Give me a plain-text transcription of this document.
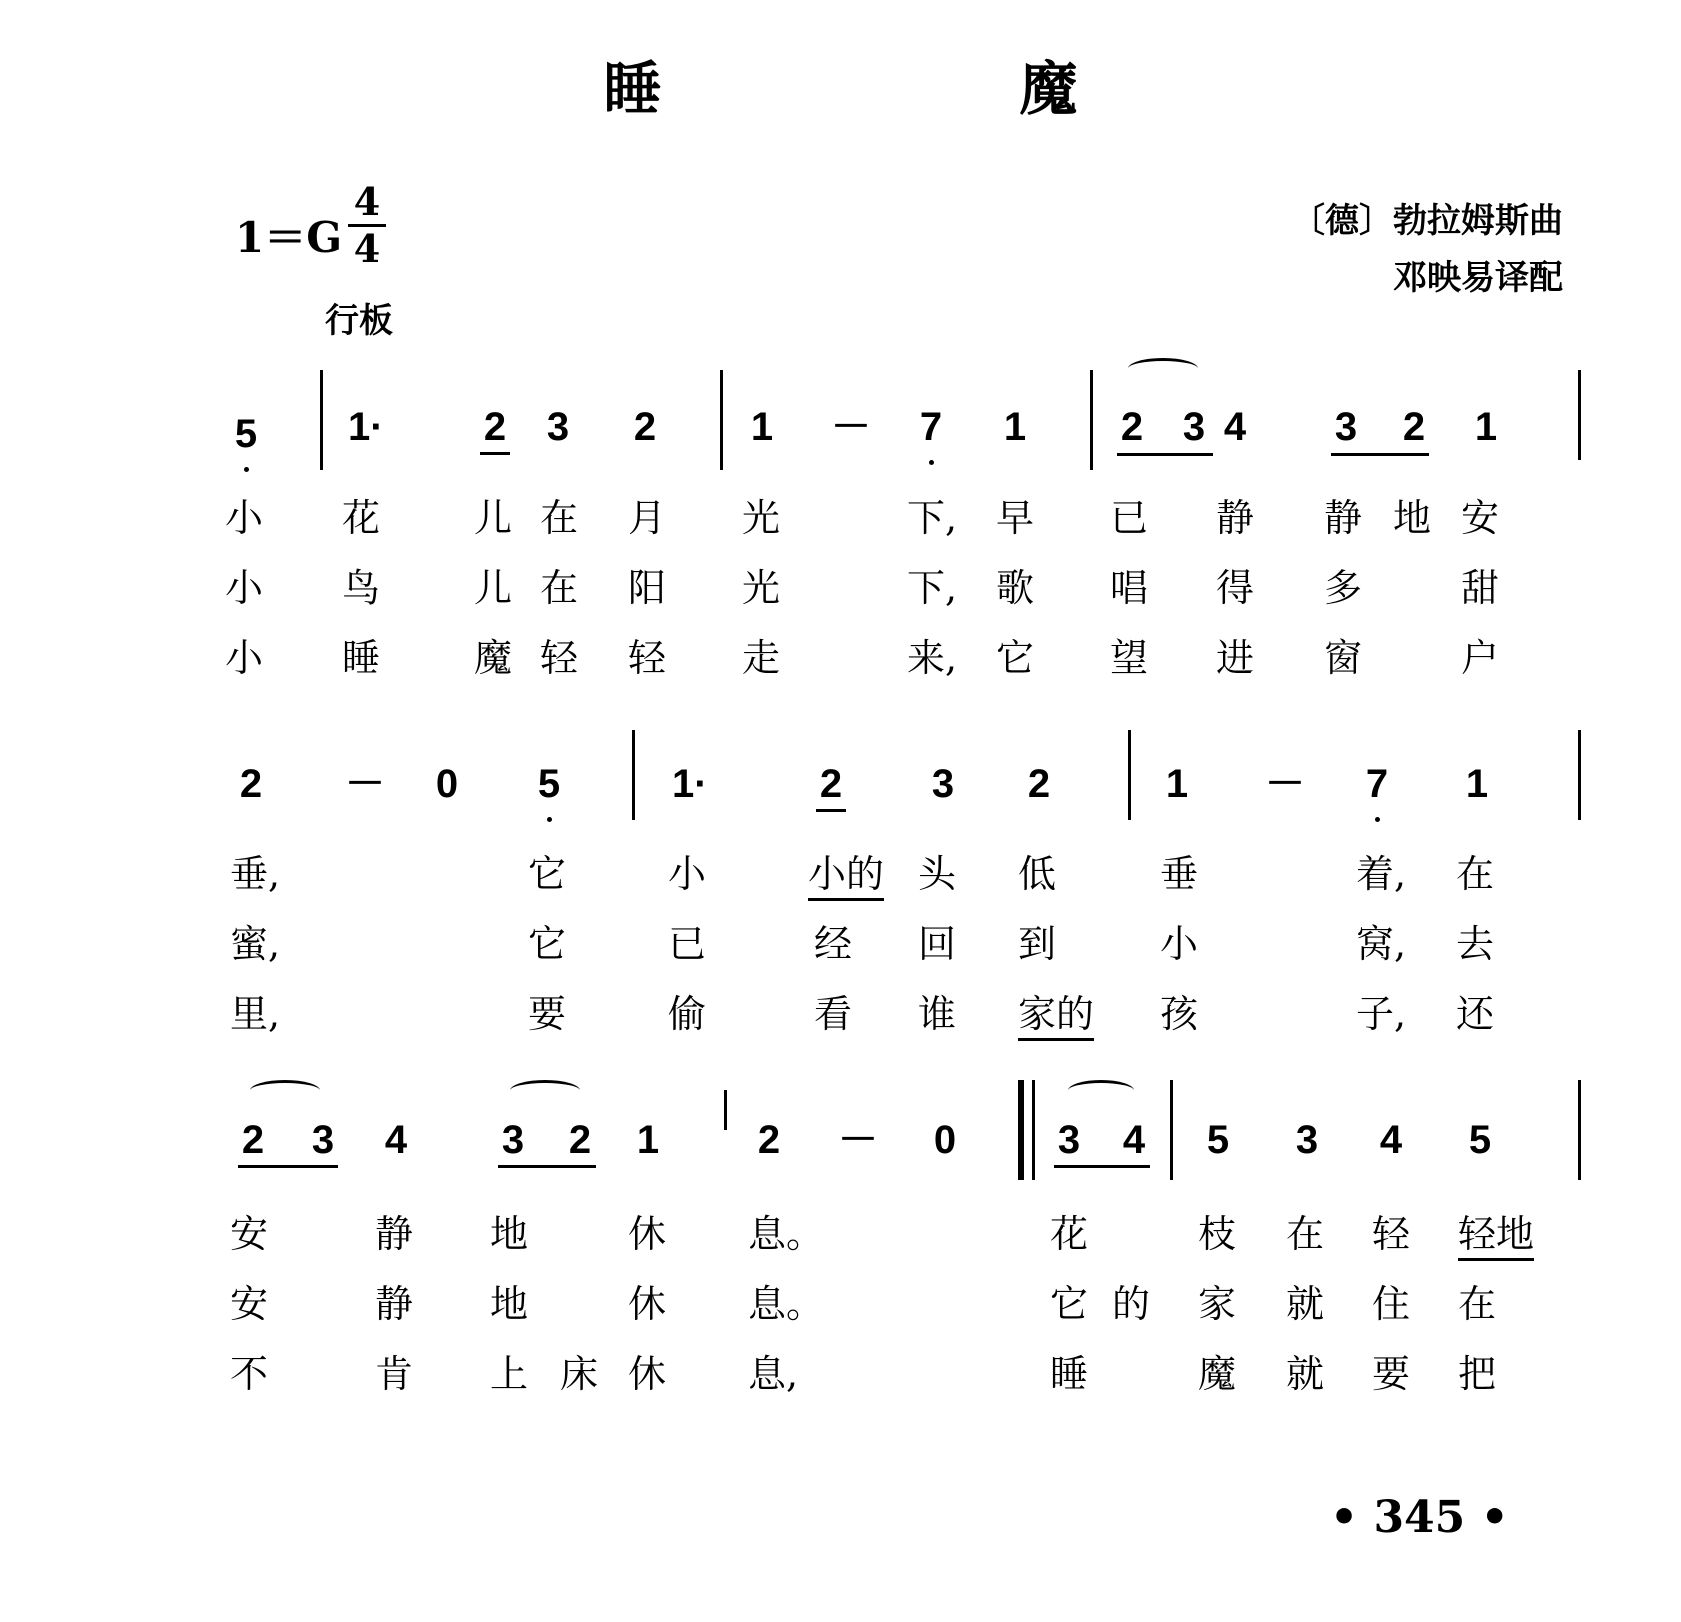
睡　魔
1＝G
4
4
行板
〔德〕勃拉姆斯曲
邓映易译配
5 1·	2 3 2 1 － 7 1 2 3 4 3 2 1
小 花 儿 在 月 光	下, 早 已 静 静 地 安
小 鸟 儿 在 阳 光	下, 歌 唱 得 多	甜
小 睡 魔 轻 轻 走	来, 它 望 进 窗	户
2 － 0 5	1·	2 3 2	1 － 7 1
垂,	它	小	小的 头 低	垂	着, 在
蜜,	它	已	经 回 到	小	窝, 去
里,	要	偷	看 谁 家的 孩	子, 还
2 3 4 3 2 1 2 － 0	3 4 5 3 4 5
安	静 地	休 息。	花	枝 在 轻 轻地
安	静 地	休 息。	它 的 家 就 住 在
不	肯 上 床 休 息,	睡	魔 就 要 把
• 345 •
